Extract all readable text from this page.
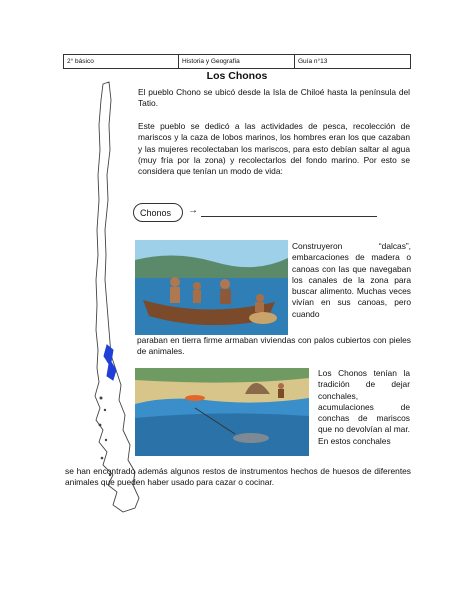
2° básico	Historia y Geografía	Guía n°13
Los Chonos
El pueblo Chono se ubicó desde la Isla de Chiloé hasta la península del Tatio.
Este pueblo se dedicó a las actividades de pesca, recolección de mariscos y la caza de lobos marinos, los hombres eran los que cazaban y las mujeres recolectaban los mariscos, para esto debían saltar al agua (muy fría por la zona) y recolectarlos del fondo marino. Por esto se considera que tenían un modo de vida:
Chonos	→
Construyeron “dalcas”, embarcaciones de madera o canoas con las que navegaban los canales de la zona para buscar alimento. Muchas veces vivían en sus canoas, pero cuando
paraban en tierra firme armaban viviendas con palos cubiertos con pieles de animales.
Los Chonos tenían la tradición de dejar conchales, acumulaciones de conchas de mariscos que no devolvían al mar. En estos conchales
se han encontrado además algunos restos de instrumentos hechos de huesos de diferentes animales que pueden haber usado para cazar o cocinar.
